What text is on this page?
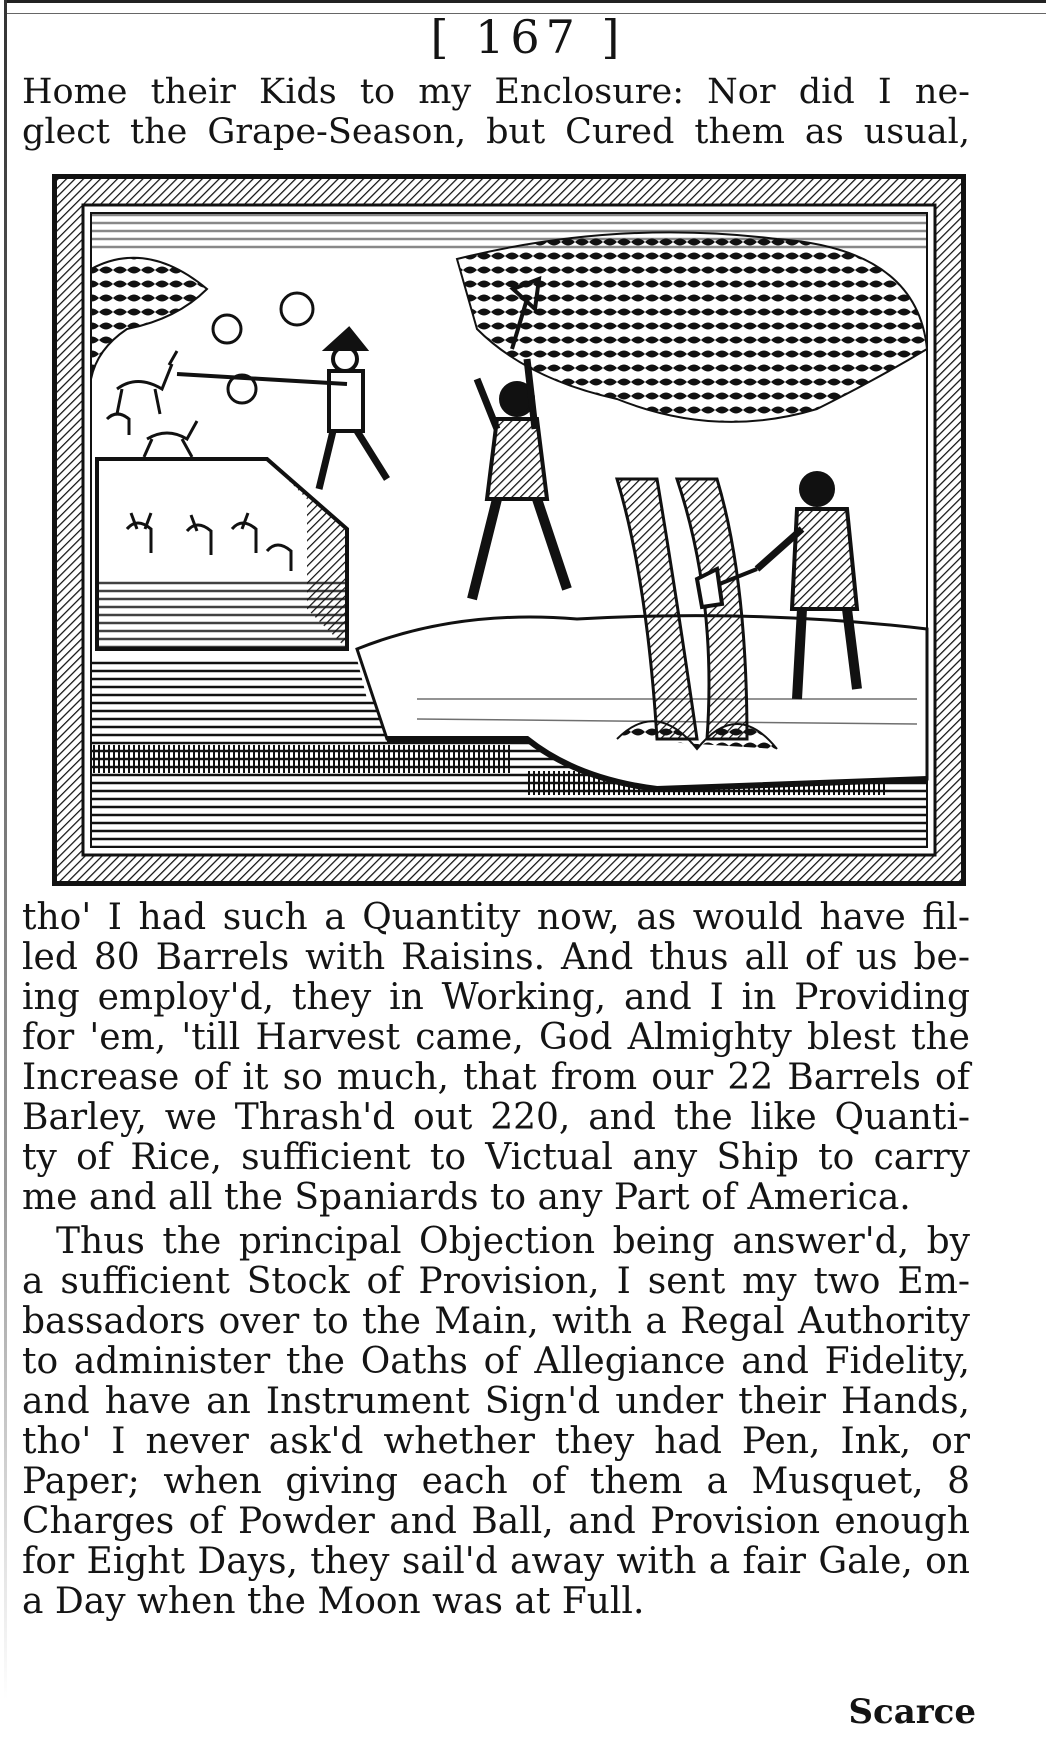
[ 167 ]
Home their Kids to my Enclosure: Nor did I ne-
glect the Grape-Season, but Cured them as usual,
tho' I had such a Quantity now, as would have fil-
led 80 Barrels with Raisins. And thus all of us be-
ing employ'd, they in Working, and I in Providing
for 'em, 'till Harvest came, God Almighty blest the
Increase of it so much, that from our 22 Barrels of
Barley, we Thrash'd out 220, and the like Quanti-
ty of Rice, sufficient to Victual any Ship to carry
me and all the Spaniards to any Part of America.
Thus the principal Objection being answer'd, by
a sufficient Stock of Provision, I sent my two Em-
bassadors over to the Main, with a Regal Authority
to administer the Oaths of Allegiance and Fidelity,
and have an Instrument Sign'd under their Hands,
tho' I never ask'd whether they had Pen, Ink, or
Paper; when giving each of them a Musquet, 8
Charges of Powder and Ball, and Provision enough
for Eight Days, they sail'd away with a fair Gale, on
a Day when the Moon was at Full.
Scarce
